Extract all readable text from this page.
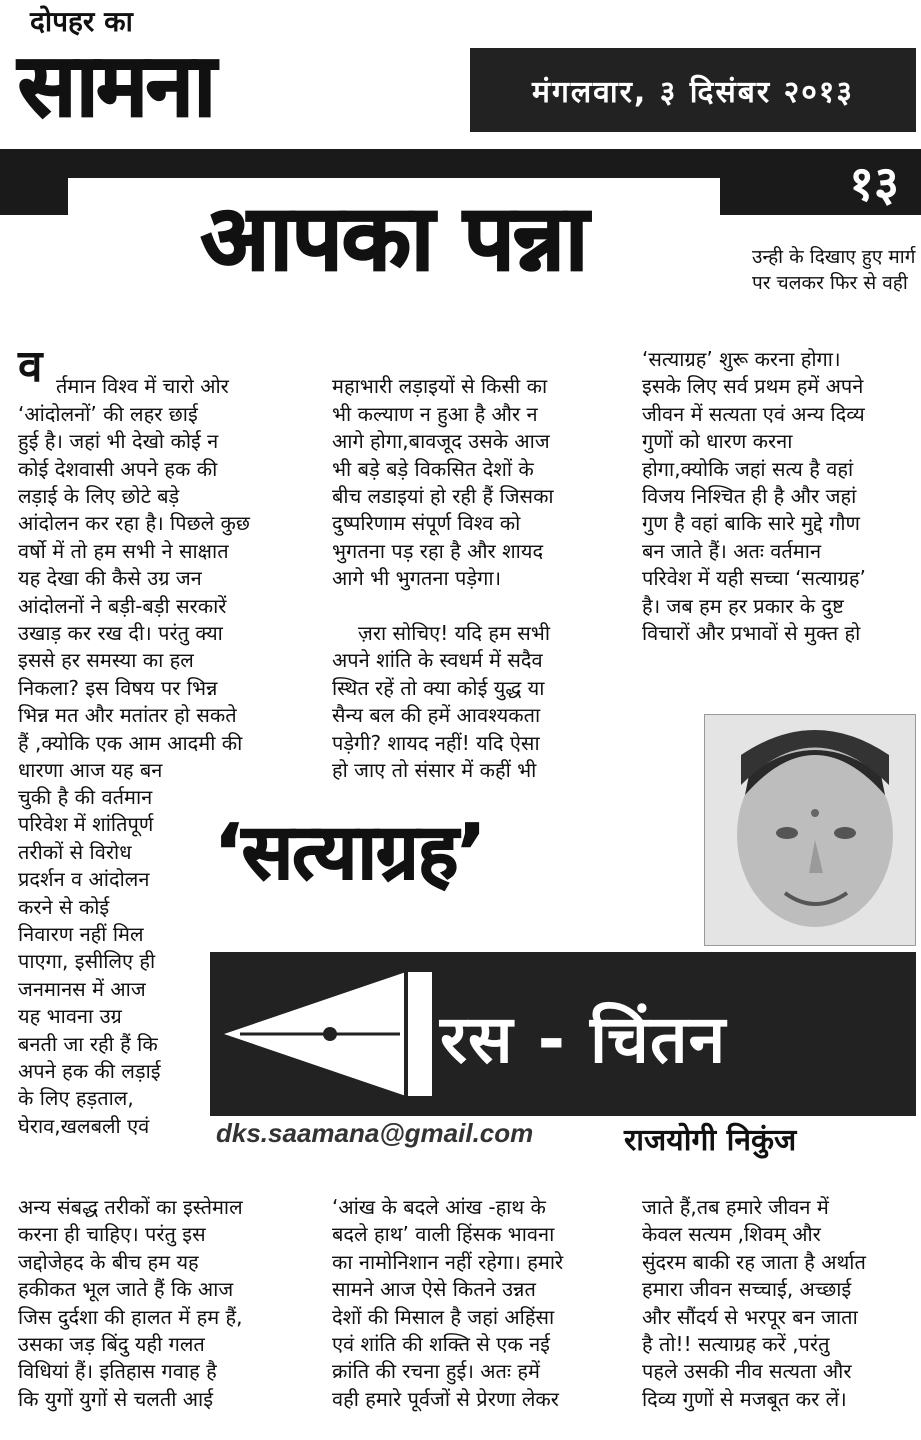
दोपहर का
सामना	मंगलवार, ३ दिसंबर २०१३
१३
आपका पन्ना	उन्ही के दिखाए हुए मार्ग पर चलकर फिर से वही
व र्तमान विश्व में चारो ओर
‘आंदोलनों’ की लहर छाई
हुई है। जहां भी देखो कोई न
कोई देशवासी अपने हक की
लड़ाई के लिए छोटे बड़े
आंदोलन कर रहा है। पिछले कुछ
वर्षो में तो हम सभी ने साक्षात
यह देखा की कैसे उग्र जन
आंदोलनों ने बड़ी-बड़ी सरकारें
उखाड़ कर रख दी। परंतु क्या
इससे हर समस्या का हल
निकला? इस विषय पर भिन्न
भिन्न मत और मतांतर हो सकते
हैं ,क्योकि एक आम आदमी की
धारणा आज यह बन

चुकी है की वर्तमान
परिवेश में शांतिपूर्ण
तरीकों से विरोध
प्रदर्शन व आंदोलन
करने से कोई
निवारण नहीं मिल
पाएगा, इसीलिए ही
जनमानस में आज
यह भावना उग्र
बनती जा रही हैं कि
अपने हक की लड़ाई
के लिए हड़ताल,
घेराव,खलबली एवं
अन्य संबद्ध तरीकों का इस्तेमाल
करना ही चाहिए। परंतु इस
जद्दोजेहद के बीच हम यह
हकीकत भूल जाते हैं कि आज
जिस दुर्दशा की हालत में हम हैं,
उसका जड़ बिंदु यही गलत
विधियां हैं। इतिहास गवाह है
कि युगों युगों से चलती आई

महाभारी लड़ाइयों से किसी का
भी कल्याण न हुआ है और न
आगे होगा,बावजूद उसके आज
भी बड़े बड़े विकसित देशों के
बीच लडाइयां हो रही हैं जिसका
दुष्परिणाम संपूर्ण विश्व को
भुगतना पड़ रहा है और शायद
आगे भी भुगतना पड़ेगा।

ज़रा सोचिए! यदि हम सभी
अपने शांति के स्वधर्म में सदैव
स्थित रहें तो क्या कोई युद्ध या
सैन्य बल की हमें आवश्यकता
पड़ेगी? शायद नहीं! यदि ऐसा
हो जाए तो संसार में कहीं भी

‘आंख के बदले आंख -हाथ के
बदले हाथ’ वाली हिंसक भावना
का नामोनिशान नहीं रहेगा। हमारे
सामने आज ऐसे कितने उन्नत
देशों की मिसाल है जहां अहिंसा
एवं शांति की शक्ति से एक नई
क्रांति की रचना हुई। अतः हमें
वही हमारे पूर्वजों से प्रेरणा लेकर
‘सत्याग्रह’ शुरू करना होगा।
इसके लिए सर्व प्रथम हमें अपने
जीवन में सत्यता एवं अन्य दिव्य
गुणों को धारण करना
होगा,क्योकि जहां सत्य है वहां
विजय निश्चित ही है और जहां
गुण है वहां बाकि सारे मुद्दे गौण
बन जाते हैं। अतः वर्तमान
परिवेश में यही सच्चा ‘सत्याग्रह’
है। जब हम हर प्रकार के दुष्ट
विचारों और प्रभावों से मुक्त हो
जाते हैं,तब हमारे जीवन में
केवल सत्यम ,शिवम् और
सुंदरम बाकी रह जाता है अर्थात
हमारा जीवन सच्चाई, अच्छाई
और सौंदर्य से भरपूर बन जाता
है तो!! सत्याग्रह करें ,परंतु
पहले उसकी नीव सत्यता और
दिव्य गुणों से मजबूत कर लें।
‘सत्याग्रह’
रस - चिंतन
dks.saamana@gmail.com	राजयोगी निकुंज
